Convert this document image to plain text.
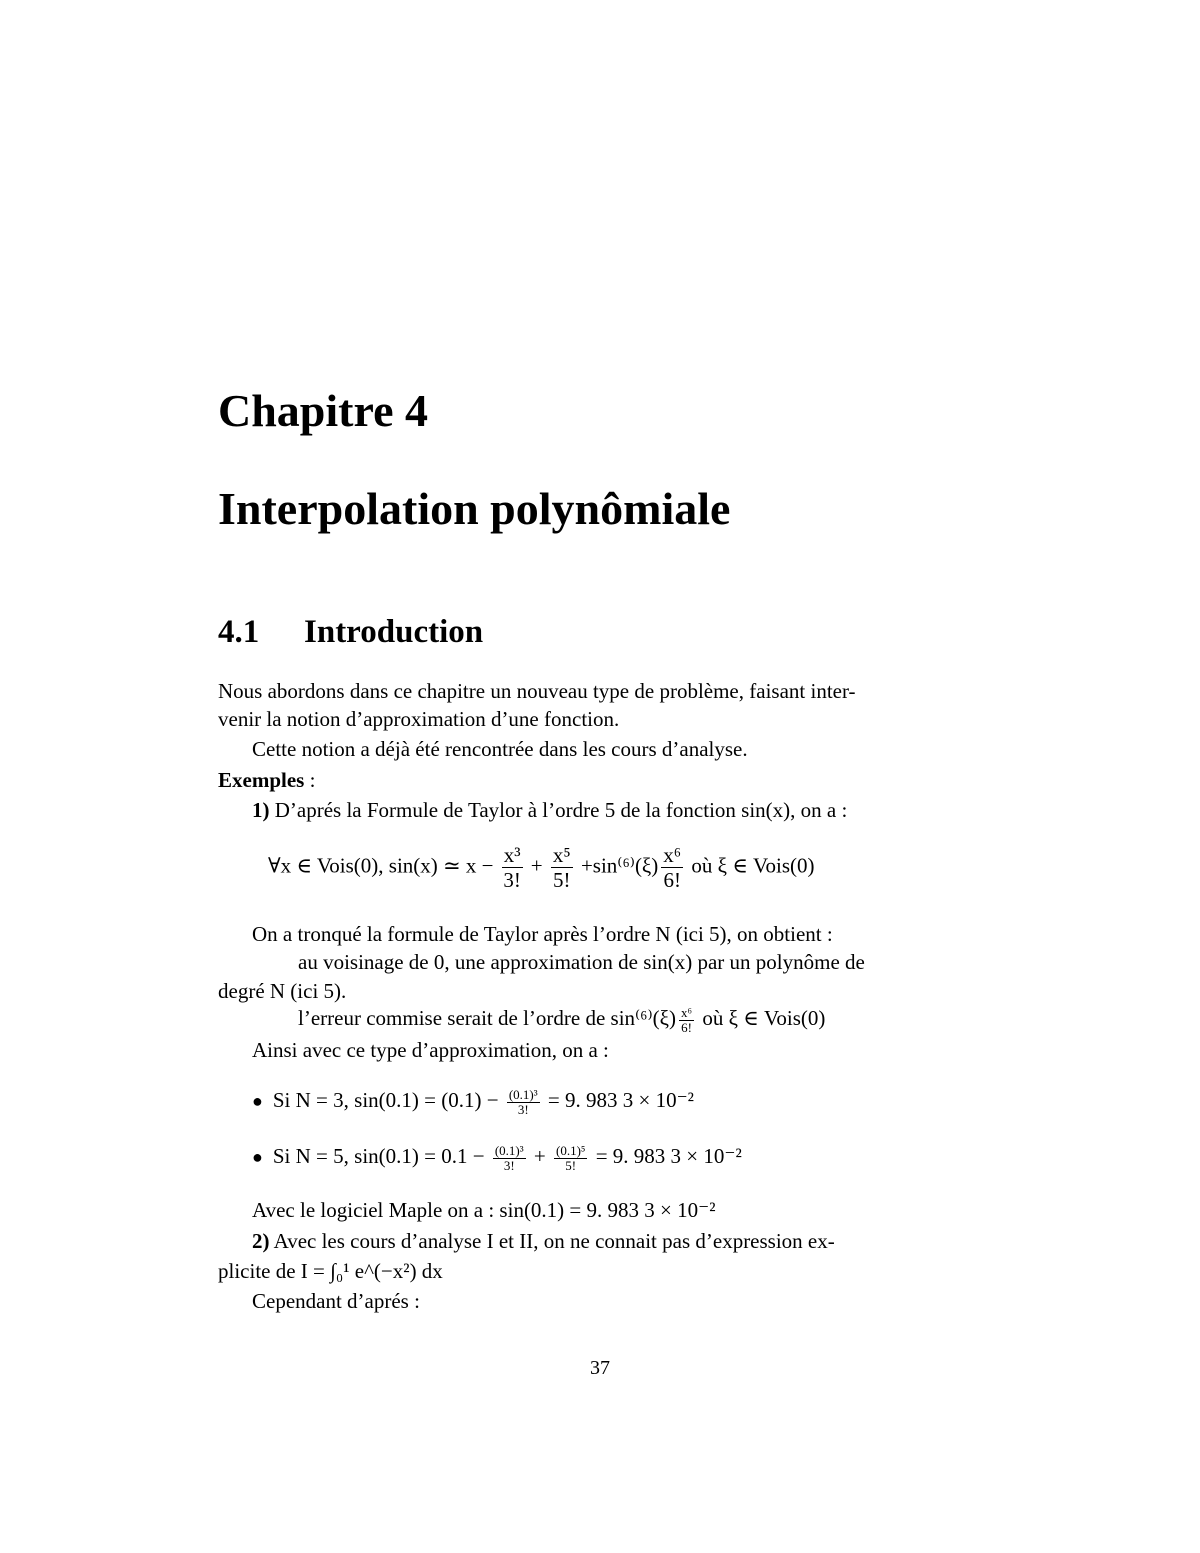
Chapitre 4
Interpolation polynômiale
4.1 Introduction
Nous abordons dans ce chapitre un nouveau type de problème, faisant inter-
venir la notion d’approximation d’une fonction.
Cette notion a déjà été rencontrée dans les cours d’analyse.
Exemples :
1) D’aprés la Formule de Taylor à l’ordre 5 de la fonction sin(x), on a :
∀x ∈ Vois(0), sin(x) ≃ $x - \frac{\text{x³}}{3!} + \frac{\text{x⁵}}{5!} +\sin^{(6)}(\xi) \frac{\text{x⁶}}{6!}$ où ξ ∈ Vois(0)
On a tronqué la formule de Taylor après l’ordre N (ici 5), on obtient :
au voisinage de 0, une approximation de sin(x) par un polynôme de
degré N (ici 5).
l’erreur commise serait de l’ordre de $\sin^{(6)}(\xi) \frac{\text{x⁶}}{6!}$ où ξ ∈ Vois(0)
Ainsi avec ce type d’approximation, on a :
● Si N = 3, $\sin(0.1) = (0.1) - \frac{\text{(0.1)³}}{3!} = 9$. 983 3 × 10⁻²
● Si N = 5, $\sin(0.1) = 0.1 - \frac{\text{(0.1)³}}{3!} + \frac{\text{(0.1)⁵}}{5!} = 9$. 983 3 × 10⁻²
Avec le logiciel Maple on a : sin(0.1) = 9. 983 3 × 10⁻²
2) Avec les cours d’analyse I et II, on ne connait pas d’expression ex-
plicite de I = ∫₀¹ e^(−x²) dx
Cependant d’aprés :
37
